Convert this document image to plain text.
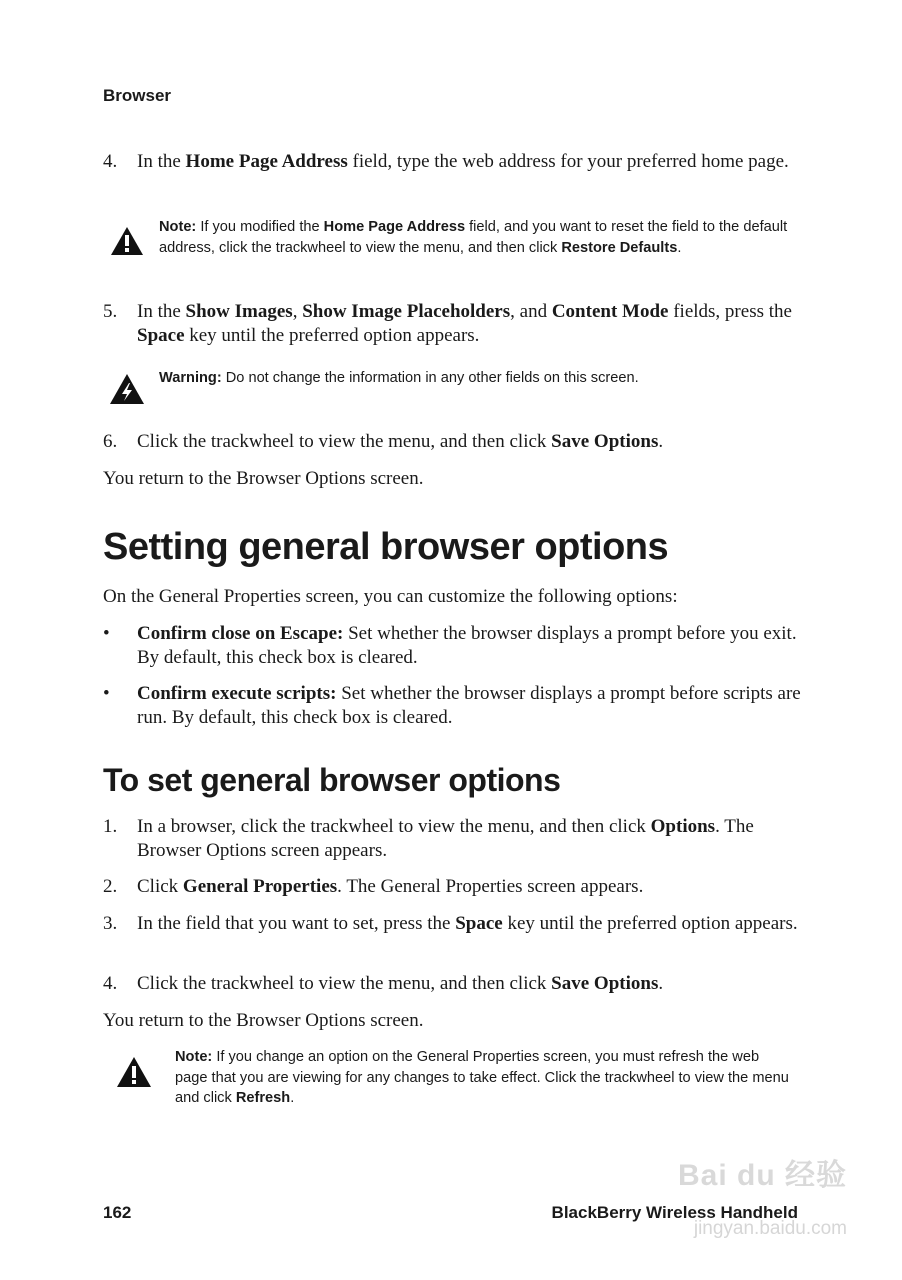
Browser
4. In the Home Page Address field, type the web address for your preferred home page.
Note: If you modified the Home Page Address field, and you want to reset the field to the default address, click the trackwheel to view the menu, and then click Restore Defaults.
5. In the Show Images, Show Image Placeholders, and Content Mode fields, press the Space key until the preferred option appears.
Warning: Do not change the information in any other fields on this screen.
6. Click the trackwheel to view the menu, and then click Save Options.
You return to the Browser Options screen.
Setting general browser options
On the General Properties screen, you can customize the following options:
• Confirm close on Escape: Set whether the browser displays a prompt before you exit. By default, this check box is cleared.
• Confirm execute scripts: Set whether the browser displays a prompt before scripts are run. By default, this check box is cleared.
To set general browser options
1. In a browser, click the trackwheel to view the menu, and then click Options. The Browser Options screen appears.
2. Click General Properties. The General Properties screen appears.
3. In the field that you want to set, press the Space key until the preferred option appears.
4. Click the trackwheel to view the menu, and then click Save Options.
You return to the Browser Options screen.
Note: If you change an option on the General Properties screen, you must refresh the web page that you are viewing for any changes to take effect. Click the trackwheel to view the menu and click Refresh.
Bai du 经验
jingyan.baidu.com
162	BlackBerry Wireless Handheld
